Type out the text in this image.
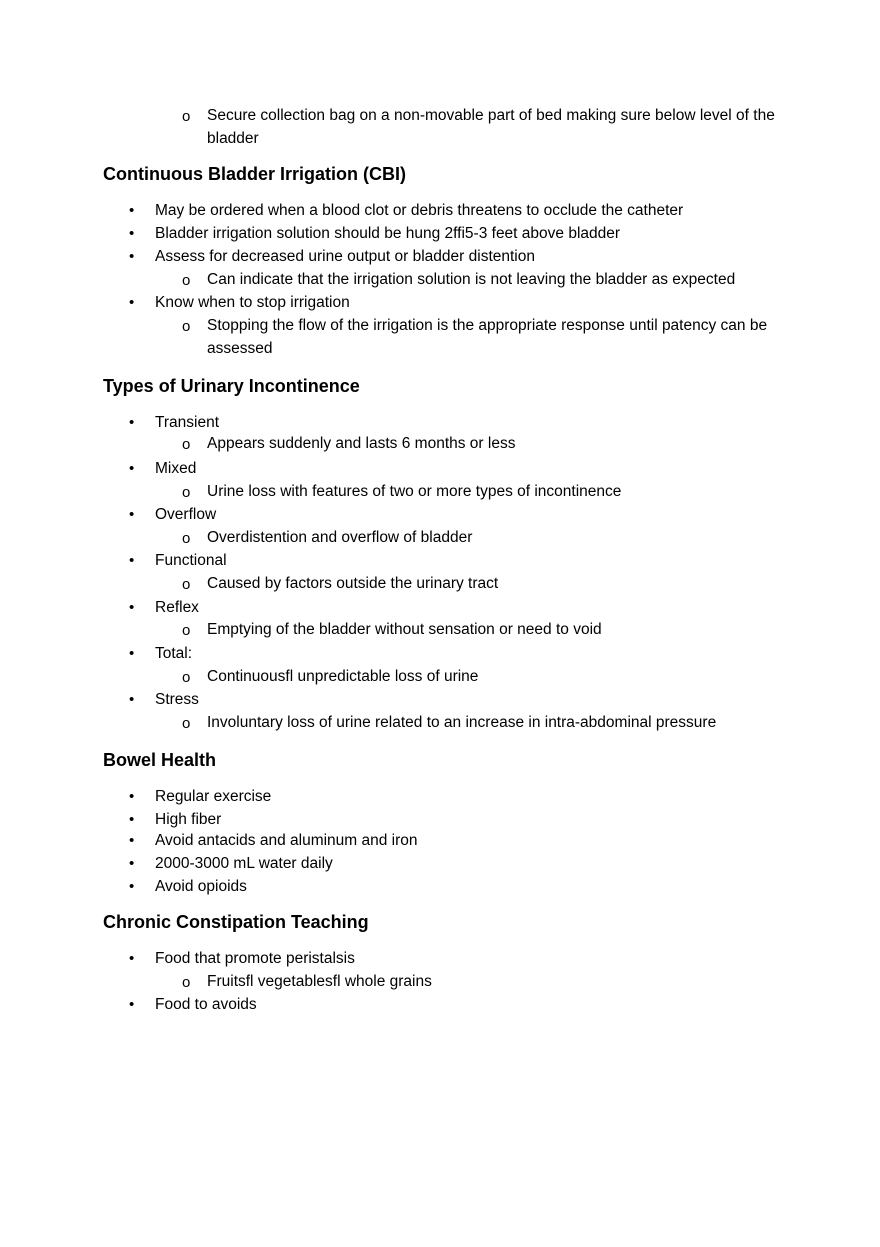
o Secure collection bag on a non-movable part of bed making sure below level of the bladder
Continuous Bladder Irrigation (CBI)
• May be ordered when a blood clot or debris threatens to occlude the catheter
• Bladder irrigation solution should be hung 2ffi5-3 feet above bladder
• Assess for decreased urine output or bladder distention
o Can indicate that the irrigation solution is not leaving the bladder as expected
• Know when to stop irrigation
o Stopping the flow of the irrigation is the appropriate response until patency can be assessed
Types of Urinary Incontinence
• Transient
o Appears suddenly and lasts 6 months or less
• Mixed
o Urine loss with features of two or more types of incontinence
• Overflow
o Overdistention and overflow of bladder
• Functional
o Caused by factors outside the urinary tract
• Reflex
o Emptying of the bladder without sensation or need to void
• Total:
o Continuousfl unpredictable loss of urine
• Stress
o Involuntary loss of urine related to an increase in intra-abdominal pressure
Bowel Health
• Regular exercise
• High fiber
• Avoid antacids and aluminum and iron
• 2000-3000 mL water daily
• Avoid opioids
Chronic Constipation Teaching
• Food that promote peristalsis
o Fruitsfl vegetablesfl whole grains
• Food to avoids
